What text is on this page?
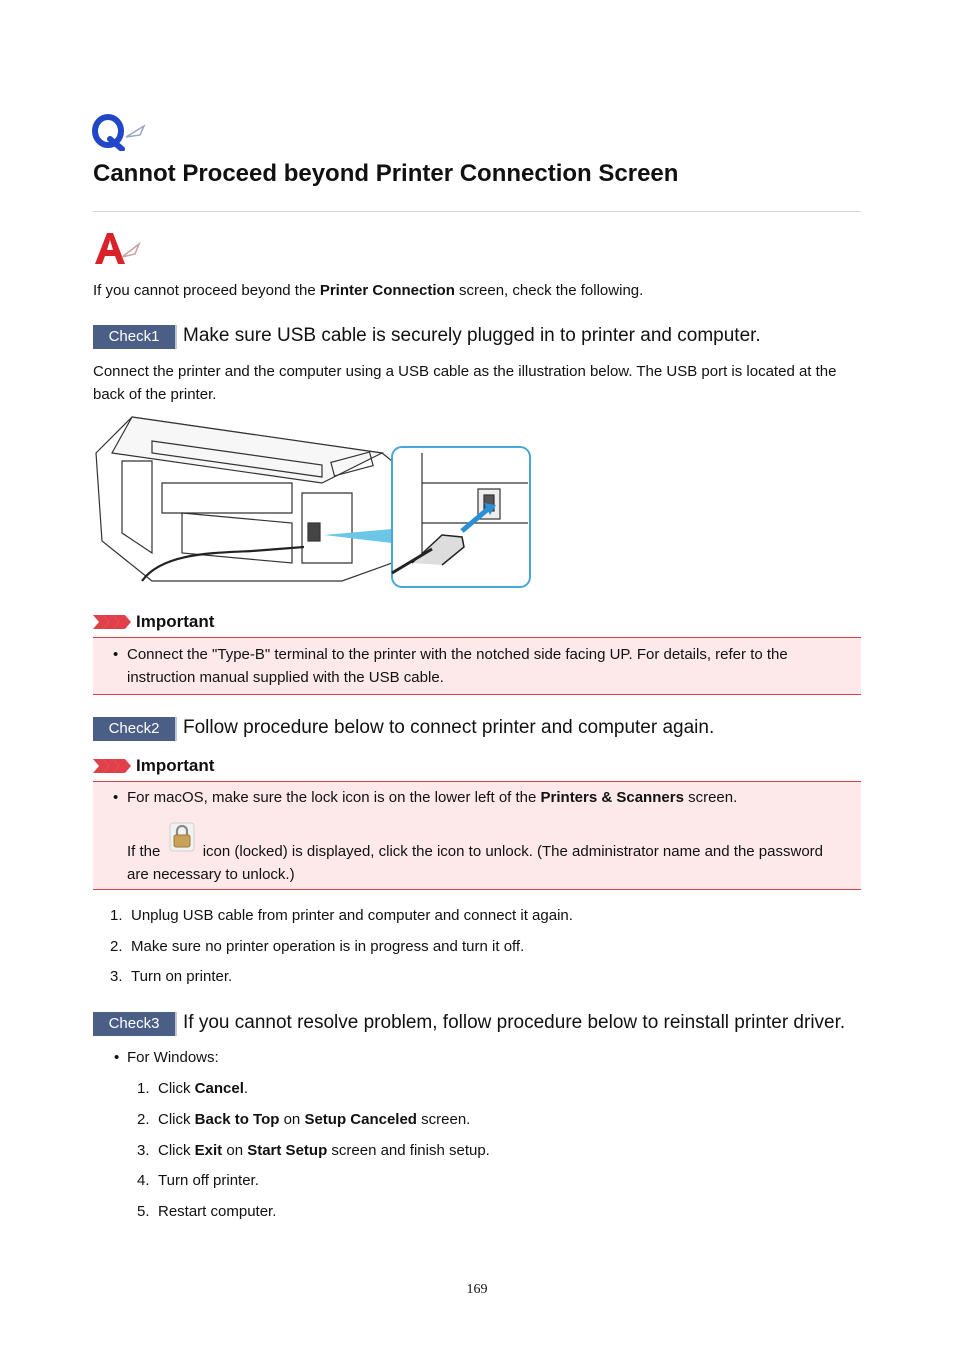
Cannot Proceed beyond Printer Connection Screen
If you cannot proceed beyond the Printer Connection screen, check the following.
Check1	Make sure USB cable is securely plugged in to printer and computer.
Connect the printer and the computer using a USB cable as the illustration below. The USB port is located at the
back of the printer.
Important
• Connect the "Type-B" terminal to the printer with the notched side facing UP. For details, refer to the
instruction manual supplied with the USB cable.
Check2	Follow procedure below to connect printer and computer again.
Important
• For macOS, make sure the lock icon is on the lower left of the Printers & Scanners screen.
If the	icon (locked) is displayed, click the icon to unlock. (The administrator name and the password
are necessary to unlock.)
1. Unplug USB cable from printer and computer and connect it again.
2. Make sure no printer operation is in progress and turn it off.
3. Turn on printer.
Check3	If you cannot resolve problem, follow procedure below to reinstall printer driver.
• For Windows:
1. Click Cancel.
2. Click Back to Top on Setup Canceled screen.
3. Click Exit on Start Setup screen and finish setup.
4. Turn off printer.
5. Restart computer.
169
